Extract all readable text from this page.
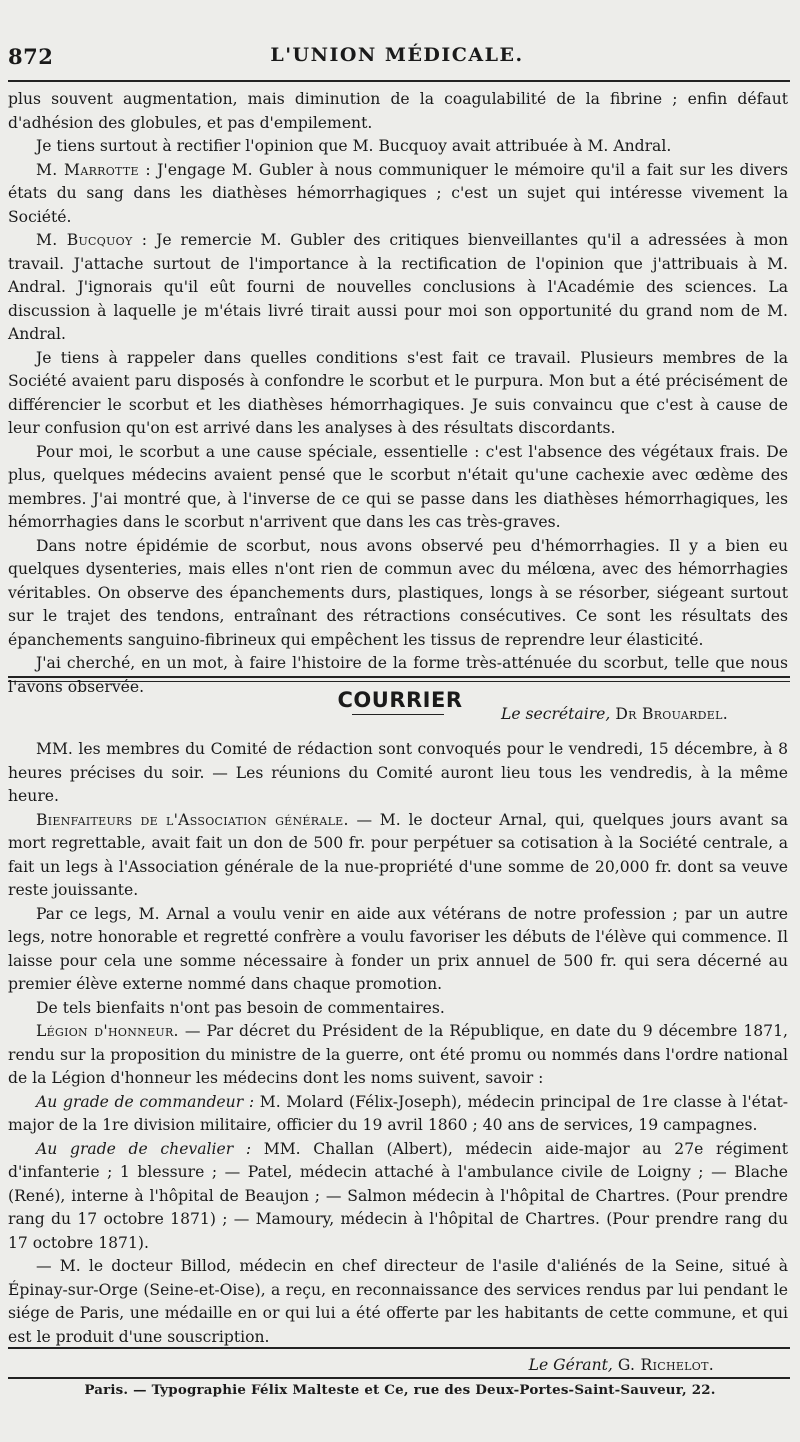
872	L'UNION MÉDICALE.

plus souvent augmentation, mais diminution de la coagulabilité de la fibrine ; enfin défaut d'adhésion des globules, et pas d'empilement.

Je tiens surtout à rectifier l'opinion que M. Bucquoy avait attribuée à M. Andral.

M. Marrotte : J'engage M. Gubler à nous communiquer le mémoire qu'il a fait sur les divers états du sang dans les diathèses hémorrhagiques ; c'est un sujet qui intéresse vivement la Société.

M. Bucquoy : Je remercie M. Gubler des critiques bienveillantes qu'il a adressées à mon travail. J'attache surtout de l'importance à la rectification de l'opinion que j'attribuais à M. Andral. J'ignorais qu'il eût fourni de nouvelles conclusions à l'Académie des sciences. La discussion à laquelle je m'étais livré tirait aussi pour moi son opportunité du grand nom de M. Andral.

Je tiens à rappeler dans quelles conditions s'est fait ce travail. Plusieurs membres de la Société avaient paru disposés à confondre le scorbut et le purpura. Mon but a été précisément de différencier le scorbut et les diathèses hémorrhagiques. Je suis convaincu que c'est à cause de leur confusion qu'on est arrivé dans les analyses à des résultats discordants.

Pour moi, le scorbut a une cause spéciale, essentielle : c'est l'absence des végétaux frais. De plus, quelques médecins avaient pensé que le scorbut n'était qu'une cachexie avec œdème des membres. J'ai montré que, à l'inverse de ce qui se passe dans les diathèses hémorrhagiques, les hémorrhagies dans le scorbut n'arrivent que dans les cas très-graves.

Dans notre épidémie de scorbut, nous avons observé peu d'hémorrhagies. Il y a bien eu quelques dysenteries, mais elles n'ont rien de commun avec du mélœna, avec des hémorrhagies véritables. On observe des épanchements durs, plastiques, longs à se résorber, siégeant surtout sur le trajet des tendons, entraînant des rétractions consécutives. Ce sont les résultats des épanchements sanguino-fibrineux qui empêchent les tissus de reprendre leur élasticité.

J'ai cherché, en un mot, à faire l'histoire de la forme très-atténuée du scorbut, telle que nous l'avons observée.

Le secrétaire, Dr Brouardel.

COURRIER

MM. les membres du Comité de rédaction sont convoqués pour le vendredi, 15 décembre, à 8 heures précises du soir. — Les réunions du Comité auront lieu tous les vendredis, à la même heure.

Bienfaiteurs de l'Association générale. — M. le docteur Arnal, qui, quelques jours avant sa mort regrettable, avait fait un don de 500 fr. pour perpétuer sa cotisation à la Société centrale, a fait un legs à l'Association générale de la nue-propriété d'une somme de 20,000 fr. dont sa veuve reste jouissante.

Par ce legs, M. Arnal a voulu venir en aide aux vétérans de notre profession ; par un autre legs, notre honorable et regretté confrère a voulu favoriser les débuts de l'élève qui commence. Il laisse pour cela une somme nécessaire à fonder un prix annuel de 500 fr. qui sera décerné au premier élève externe nommé dans chaque promotion.

De tels bienfaits n'ont pas besoin de commentaires.

Légion d'honneur. — Par décret du Président de la République, en date du 9 décembre 1871, rendu sur la proposition du ministre de la guerre, ont été promu ou nommés dans l'ordre national de la Légion d'honneur les médecins dont les noms suivent, savoir :

Au grade de commandeur : M. Molard (Félix-Joseph), médecin principal de 1re classe à l'état-major de la 1re division militaire, officier du 19 avril 1860 ; 40 ans de services, 19 campagnes.

Au grade de chevalier : MM. Challan (Albert), médecin aide-major au 27e régiment d'infanterie ; 1 blessure ; — Patel, médecin attaché à l'ambulance civile de Loigny ; — Blache (René), interne à l'hôpital de Beaujon ; — Salmon médecin à l'hôpital de Chartres. (Pour prendre rang du 17 octobre 1871) ; — Mamoury, médecin à l'hôpital de Chartres. (Pour prendre rang du 17 octobre 1871).

— M. le docteur Billod, médecin en chef directeur de l'asile d'aliénés de la Seine, situé à Épinay-sur-Orge (Seine-et-Oise), a reçu, en reconnaissance des services rendus par lui pendant le siége de Paris, une médaille en or qui lui a été offerte par les habitants de cette commune, et qui est le produit d'une souscription.

Le Gérant, G. Richelot.
Paris. — Typographie Félix Malteste et Ce, rue des Deux-Portes-Saint-Sauveur, 22.
